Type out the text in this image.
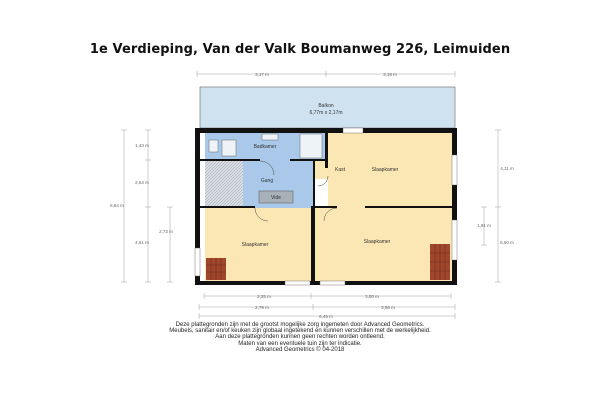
1e Verdieping, Van der Valk Boumanweg 226, Leimuiden
Balkon
6,77m x 2,17m
Vide
Badkamer
Gang
Kast	Slaapkamer
Slaapkamer	Slaapkamer
3,17 m	3,18 m
1,43 m
2,64 m
6,84 m
2,73 m
4,61 m
4,11 m
1,91 m
6,60 m
2,25 m	3,00 m
2,79 m	3,56 m
6,45 m
Deze plattegronden zijn met de grootst mogelijke zorg ingemeten door Advanced Geometrics.
Meubels, sanitair en/of keuken zijn globaal ingetekend en kunnen verschillen met de werkelijkheid.
Aan deze plattegronden kunnen geen rechten worden ontleend.
Maten van een eventuele tuin zijn ter indicatie.
Advanced Geometrics © 04-2018
